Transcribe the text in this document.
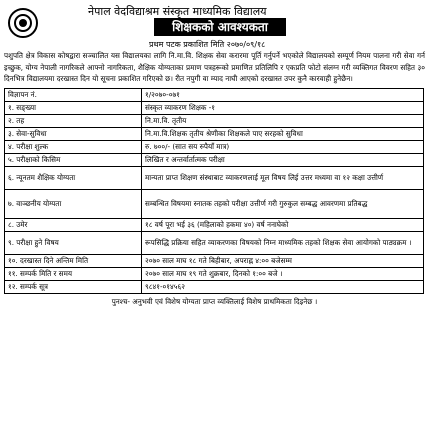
नेपाल वेदविद्याश्रम संस्कृत माध्यमिक विद्यालय
शिक्षकको आवश्यकता
प्रथम पटक प्रकाशित मिति २०७०/०९/१८

पशुपति क्षेत्र विकास कोषद्वारा सञ्चालित यस विद्यालयका लागि नि.मा.वि. शिक्षक सेवा करारमा पूर्ति गर्नुपर्ने भएकोले विद्यालयको सम्पूर्ण नियम पालना गरी सेवा गर्न इच्छुक, योग्य नेपाली नागरिकले आफ्नो नागरिकता, शैक्षिक योग्यताका प्रमाण पत्रहरूको प्रमाणित प्रतिलिपि र एकप्रति फोटो संलग्न गरी व्यक्तिगत विवरण सहित ३० दिनभित्र विद्यालयमा दरखास्त दिन यो सूचना प्रकाशित गरिएको छ। रीत नपुगी वा म्याद नाघी आएको दरखास्त उपर कुनै कारवाही हुनेछैन।

विज्ञापन नं.	१/२०७०-०७१
१. सङ्ख्या	संस्कृत व्याकरण शिक्षक -१
२. तह	नि.मा.वि. तृतीय
३. सेवा-सुविधा	नि.मा.वि.शिक्षक तृतीय श्रेणीका शिक्षकले पाए सरहको सुविधा
४. परीक्षा शुल्क	रु. ७००/- (सात सय रुपैयाँ मात्र)
५. परीक्षाको किसिम	लिखित र अन्तर्वार्तात्मक परीक्षा
६. न्यूनतम शैक्षिक योग्यता	मान्यता प्राप्त शिक्षण संस्थाबाट व्याकरणलाई मूल विषय लिई उत्तर मध्यमा वा १२ कक्षा उत्तीर्ण
७. वाञ्छनीय योग्यता	सम्बन्धित विषयमा स्नातक तहको परीक्षा उत्तीर्ण गरी गुरुकुल सम्बद्ध आवरणमा प्रतिबद्ध
८. उमेर	१८ वर्ष पूरा भई ३६ (महिलाको हकमा ४०) वर्ष ननाघेको
९. परीक्षा हुने विषय	रूपसिद्धि प्रक्रिया सहित व्याकरणका विषयको निम्न माध्यमिक तहको शिक्षक सेवा आयोगको पाठ्यक्रम ।
१०. दरखास्त दिने अन्तिम मिति	२०७० साल माघ १८ गते बिहीबार, अपराह्न ४:०० बजेसम्म
११. सम्पर्क मिति र समय	२०७० साल माघ १९ गते शुक्रबार, दिनको १:०० बजे ।
१२. सम्पर्क सूत्र	९८४१-०१४५६२
पुनश्च- अनुभवी एवं विशेष योग्यता प्राप्त व्यक्तिलाई विशेष प्राथमिकता दिइनेछ ।
